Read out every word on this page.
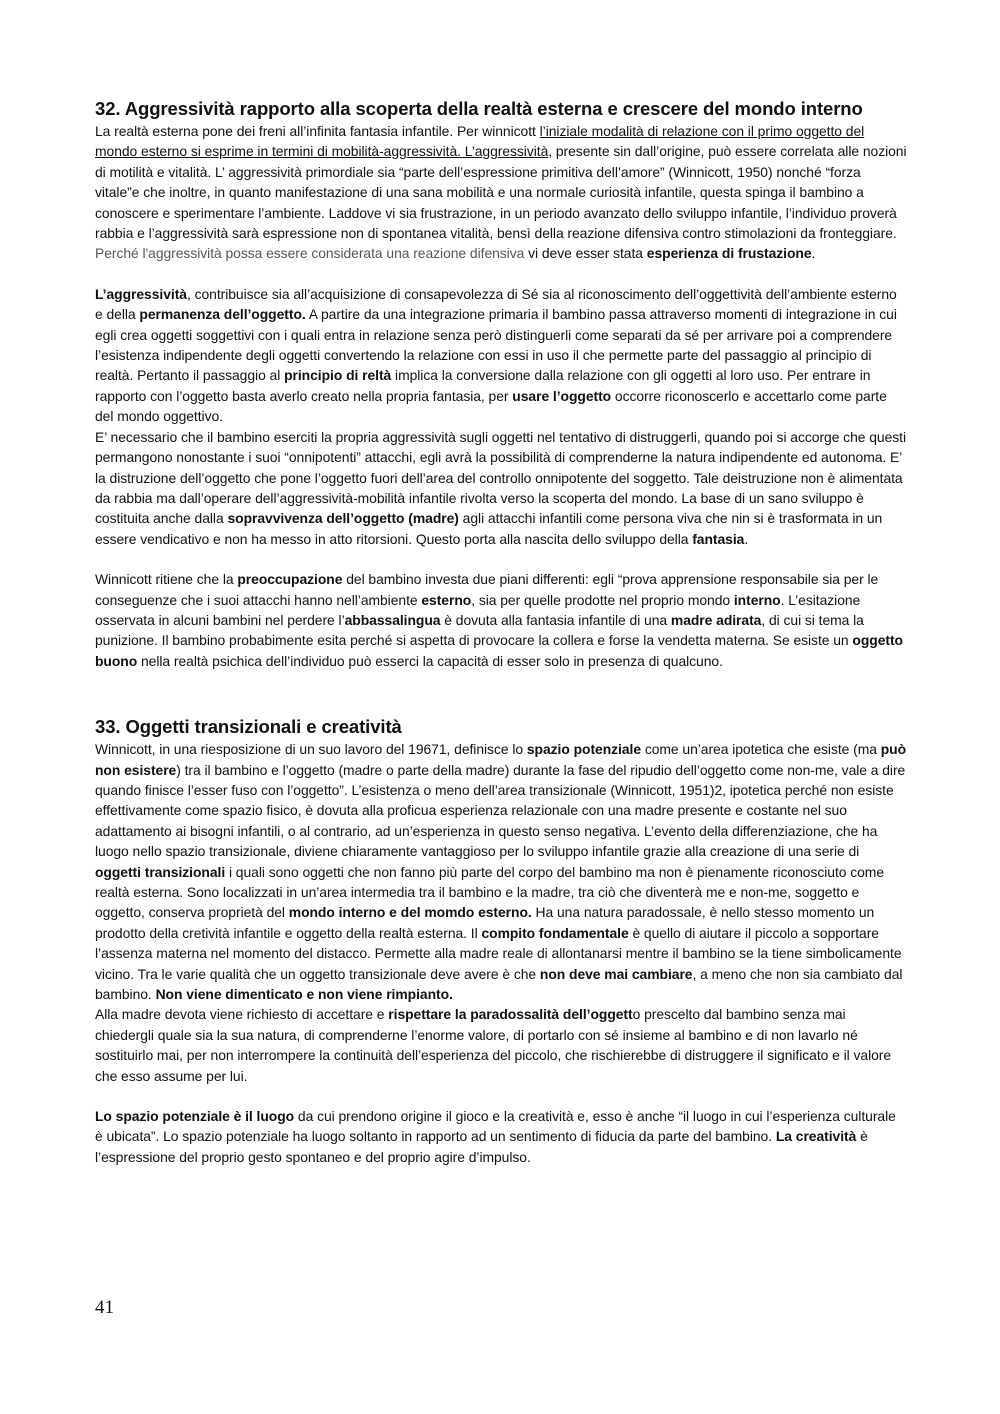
32. Aggressività rapporto alla scoperta della realtà esterna e crescere del mondo interno

La realtà esterna pone dei freni all’infinita fantasia infantile. Per winnicott l’iniziale modalità di relazione con il primo oggetto del mondo esterno si esprime in termini di mobilità-aggressività. L’aggressività, presente sin dall’origine, può essere correlata alle nozioni di motilità e vitalità. L’ aggressività primordiale sia “parte dell’espressione primitiva dell’amore” (Winnicott, 1950) nonché “forza vitale”e che inoltre, in quanto manifestazione di una sana mobilità e una normale curiosità infantile, questa spinga il bambino a conoscere e sperimentare l’ambiente. Laddove vi sia frustrazione, in un periodo avanzato dello sviluppo infantile, l’individuo proverà rabbia e l’aggressività sarà espressione non di spontanea vitalità, bensì della reazione difensiva contro stimolazioni da fronteggiare. Perché l'aggressività possa essere considerata una reazione difensiva vi deve esser stata esperienza di frustazione.

L’aggressività, contribuisce sia all’acquisizione di consapevolezza di Sé sia al riconoscimento dell’oggettività dell’ambiente esterno e della permanenza dell’oggetto. A partire da una integrazione primaria il bambino passa attraverso momenti di integrazione in cui egli crea oggetti soggettivi con i quali entra in relazione senza però distinguerli come separati da sé per arrivare poi a comprendere l’esistenza indipendente degli oggetti convertendo la relazione con essi in uso il che permette parte del passaggio al principio di realtà. Pertanto il passaggio al principio di reltà implica la conversione dalla relazione con gli oggetti al loro uso. Per entrare in rapporto con l’oggetto basta averlo creato nella propria fantasia, per usare l’oggetto occorre riconoscerlo e accettarlo come parte del mondo oggettivo.

E’ necessario che il bambino eserciti la propria aggressività sugli oggetti nel tentativo di distruggerli, quando poi si accorge che questi permangono nonostante i suoi “onnipotenti” attacchi, egli avrà la possibilità di comprenderne la natura indipendente ed autonoma. E’ la distruzione dell’oggetto che pone l’oggetto fuori dell’area del controllo onnipotente del soggetto. Tale deistruzione non è alimentata da rabbia ma dall’operare dell’aggressività-mobilità infantile rivolta verso la scoperta del mondo. La base di un sano sviluppo è costituita anche dalla sopravvivenza dell’oggetto (madre) agli attacchi infantili come persona viva che nin si è trasformata in un essere vendicativo e non ha messo in atto ritorsioni. Questo porta alla nascita dello sviluppo della fantasia.

Winnicott ritiene che la preoccupazione del bambino investa due piani differenti: egli “prova apprensione responsabile sia per le conseguenze che i suoi attacchi hanno nell’ambiente esterno, sia per quelle prodotte nel proprio mondo interno. L’esitazione osservata in alcuni bambini nel perdere l’abbassalingua è dovuta alla fantasia infantile di una madre adirata, di cui si tema la punizione. Il bambino probabimente esita perché si aspetta di provocare la collera e forse la vendetta materna. Se esiste un oggetto buono nella realtà psichica dell’individuo può esserci la capacità di esser solo in presenza di qualcuno.

33. Oggetti transizionali e creatività

Winnicott, in una riesposizione di un suo lavoro del 19671, definisce lo spazio potenziale come un’area ipotetica che esiste (ma può non esistere) tra il bambino e l’oggetto (madre o parte della madre) durante la fase del ripudio dell’oggetto come non-me, vale a dire quando finisce l’esser fuso con l’oggetto”. L’esistenza o meno dell’area transizionale (Winnicott, 1951)2, ipotetica perché non esiste effettivamente come spazio fisico, è dovuta alla proficua esperienza relazionale con una madre presente e costante nel suo adattamento ai bisogni infantili, o al contrario, ad un’esperienza in questo senso negativa. L’evento della differenziazione, che ha luogo nello spazio transizionale, diviene chiaramente vantaggioso per lo sviluppo infantile grazie alla creazione di una serie di oggetti transizionali i quali sono oggetti che non fanno più parte del corpo del bambino ma non è pienamente riconosciuto come realtà esterna. Sono localizzati in un’area intermedia tra il bambino e la madre, tra ciò che diventerà me e non-me, soggetto e oggetto, conserva proprietà del mondo interno e del momdo esterno. Ha una natura paradossale, è nello stesso momento un prodotto della cretività infantile e oggetto della realtà esterna. Il compito fondamentale è quello di aiutare il piccolo a sopportare l’assenza materna nel momento del distacco. Permette alla madre reale di allontanarsi mentre il bambino se la tiene simbolicamente vicino. Tra le varie qualità che un oggetto transizionale deve avere è che non deve mai cambiare, a meno che non sia cambiato dal bambino. Non viene dimenticato e non viene rimpianto.

Alla madre devota viene richiesto di accettare e rispettare la paradossalità dell’oggetto prescelto dal bambino senza mai chiedergli quale sia la sua natura, di comprenderne l’enorme valore, di portarlo con sé insieme al bambino e di non lavarlo né sostituirlo mai, per non interrompere la continuità dell’esperienza del piccolo, che rischierebbe di distruggere il significato e il valore che esso assume per lui.

Lo spazio potenziale è il luogo da cui prendono origine il gioco e la creatività e, esso è anche “il luogo in cui l’esperienza culturale è ubicata”. Lo spazio potenziale ha luogo soltanto in rapporto ad un sentimento di fiducia da parte del bambino. La creatività è l’espressione del proprio gesto spontaneo e del proprio agire d’impulso.

41
